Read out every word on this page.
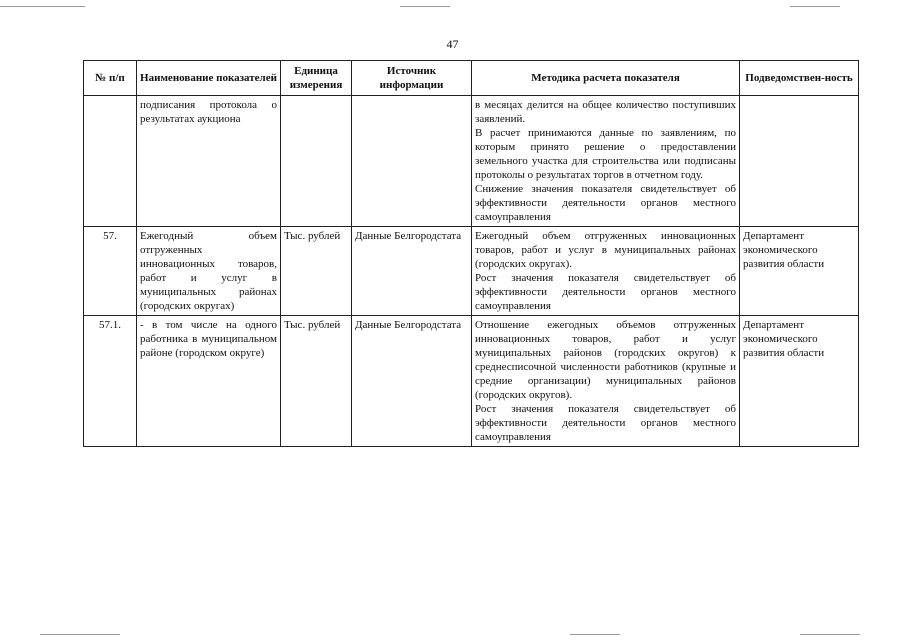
47
№ п/п	Наименование показателей	Единица измерения	Источник информации	Методика расчета показателя	Подведомствен-ность
	подписания протокола о результатах аукциона			в месяцах делится на общее количество поступивших заявлений.
В расчет принимаются данные по заявлениям, по которым принято решение о предоставлении земельного участка для строительства или подписаны протоколы о результатах торгов в отчетном году.
Снижение значения показателя свидетельствует об эффективности деятельности органов местного самоуправления	

57.	Ежегодный объем отгруженных инновационных товаров, работ и услуг в муниципальных районах (городских округах)	Тыс. рублей	Данные Белгородстата	Ежегодный объем отгруженных инновационных товаров, работ и услуг в муниципальных районах (городских округах).
Рост значения показателя свидетельствует об эффективности деятельности органов местного самоуправления	Департамент экономического развития области
57.1.	- в том числе на одного работника в муниципальном районе (городском округе)	Тыс. рублей	Данные Белгородстата	Отношение ежегодных объемов отгруженных инновационных товаров, работ и услуг муниципальных районов (городских округов) к среднесписочной численности работников (крупные и средние организации) муниципальных районов (городских округов).
Рост значения показателя свидетельствует об эффективности деятельности органов местного самоуправления	Департамент экономического развития области
